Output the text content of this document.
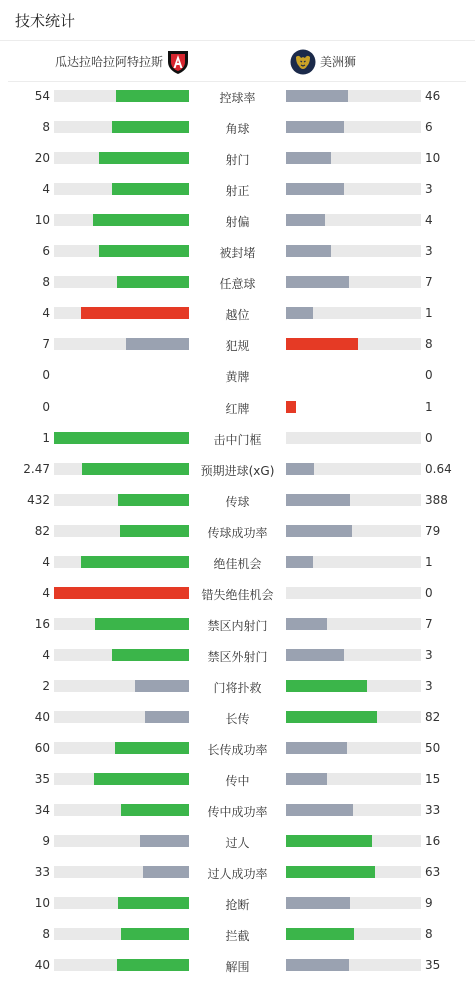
技术统计
瓜达拉哈拉阿特拉斯	美洲狮
54	控球率	46
8	角球	6
20	射门	10
4	射正	3
10	射偏	4
6	被封堵	3
8	任意球	7
4	越位	1
7	犯规	8
0	黄牌	0
0	红牌	1
1	击中门框	0
2.47	预期进球(xG)	0.64
432	传球	388
82	传球成功率	79
4	绝佳机会	1
4	错失绝佳机会	0
16	禁区内射门	7
4	禁区外射门	3
2	门将扑救	3
40	长传	82
60	长传成功率	50
35	传中	15
34	传中成功率	33
9	过人	16
33	过人成功率	63
10	抢断	9
8	拦截	8
40	解围	35
